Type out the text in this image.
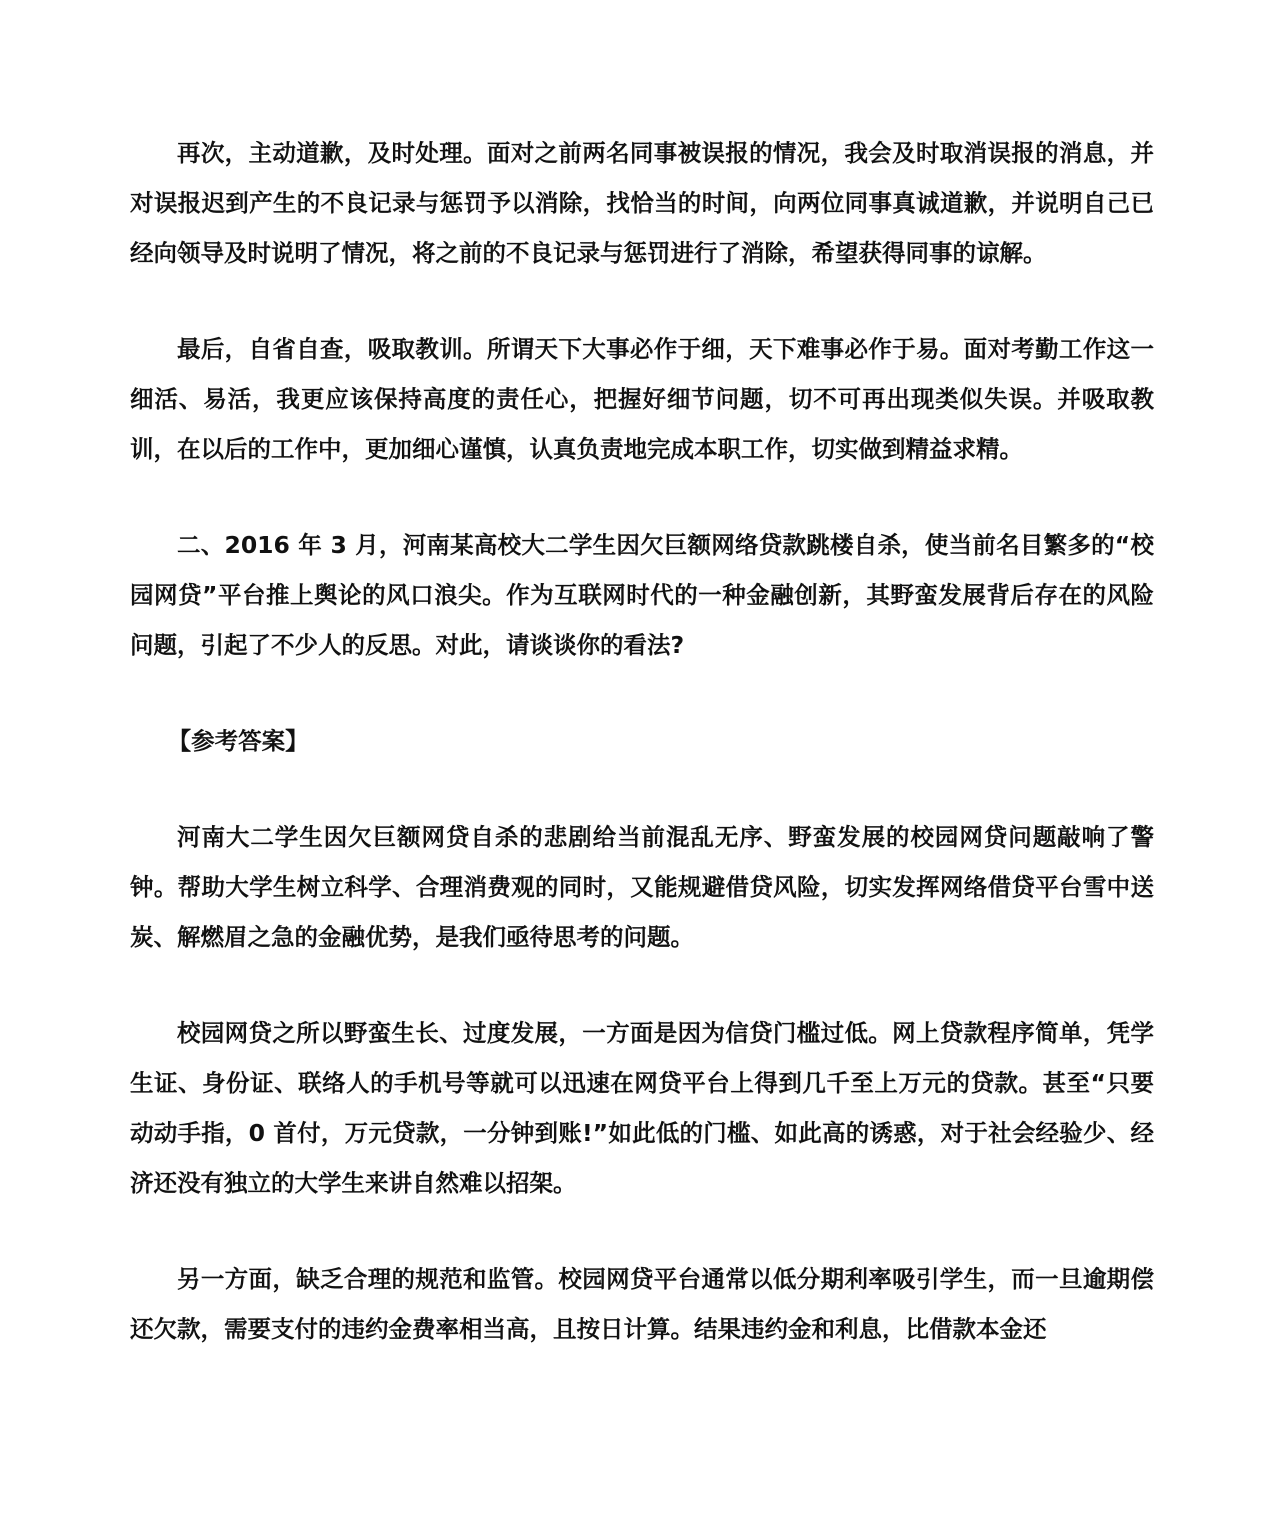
再次，主动道歉，及时处理。面对之前两名同事被误报的情况，我会及时取消误报的消息，并对误报迟到产生的不良记录与惩罚予以消除，找恰当的时间，向两位同事真诚道歉，并说明自己已经向领导及时说明了情况，将之前的不良记录与惩罚进行了消除，希望获得同事的谅解。

最后，自省自查，吸取教训。所谓天下大事必作于细，天下难事必作于易。面对考勤工作这一细活、易活，我更应该保持高度的责任心，把握好细节问题，切不可再出现类似失误。并吸取教训，在以后的工作中，更加细心谨慎，认真负责地完成本职工作，切实做到精益求精。

二、2016 年 3 月，河南某高校大二学生因欠巨额网络贷款跳楼自杀，使当前名目繁多的“校园网贷”平台推上舆论的风口浪尖。作为互联网时代的一种金融创新，其野蛮发展背后存在的风险问题，引起了不少人的反思。对此，请谈谈你的看法?

【参考答案】

河南大二学生因欠巨额网贷自杀的悲剧给当前混乱无序、野蛮发展的校园网贷问题敲响了警钟。帮助大学生树立科学、合理消费观的同时，又能规避借贷风险，切实发挥网络借贷平台雪中送炭、解燃眉之急的金融优势，是我们亟待思考的问题。

校园网贷之所以野蛮生长、过度发展，一方面是因为信贷门槛过低。网上贷款程序简单，凭学生证、身份证、联络人的手机号等就可以迅速在网贷平台上得到几千至上万元的贷款。甚至“只要动动手指，0 首付，万元贷款，一分钟到账!”如此低的门槛、如此高的诱惑，对于社会经验少、经济还没有独立的大学生来讲自然难以招架。

另一方面，缺乏合理的规范和监管。校园网贷平台通常以低分期利率吸引学生，而一旦逾期偿还欠款，需要支付的违约金费率相当高，且按日计算。结果违约金和利息，比借款本金还
